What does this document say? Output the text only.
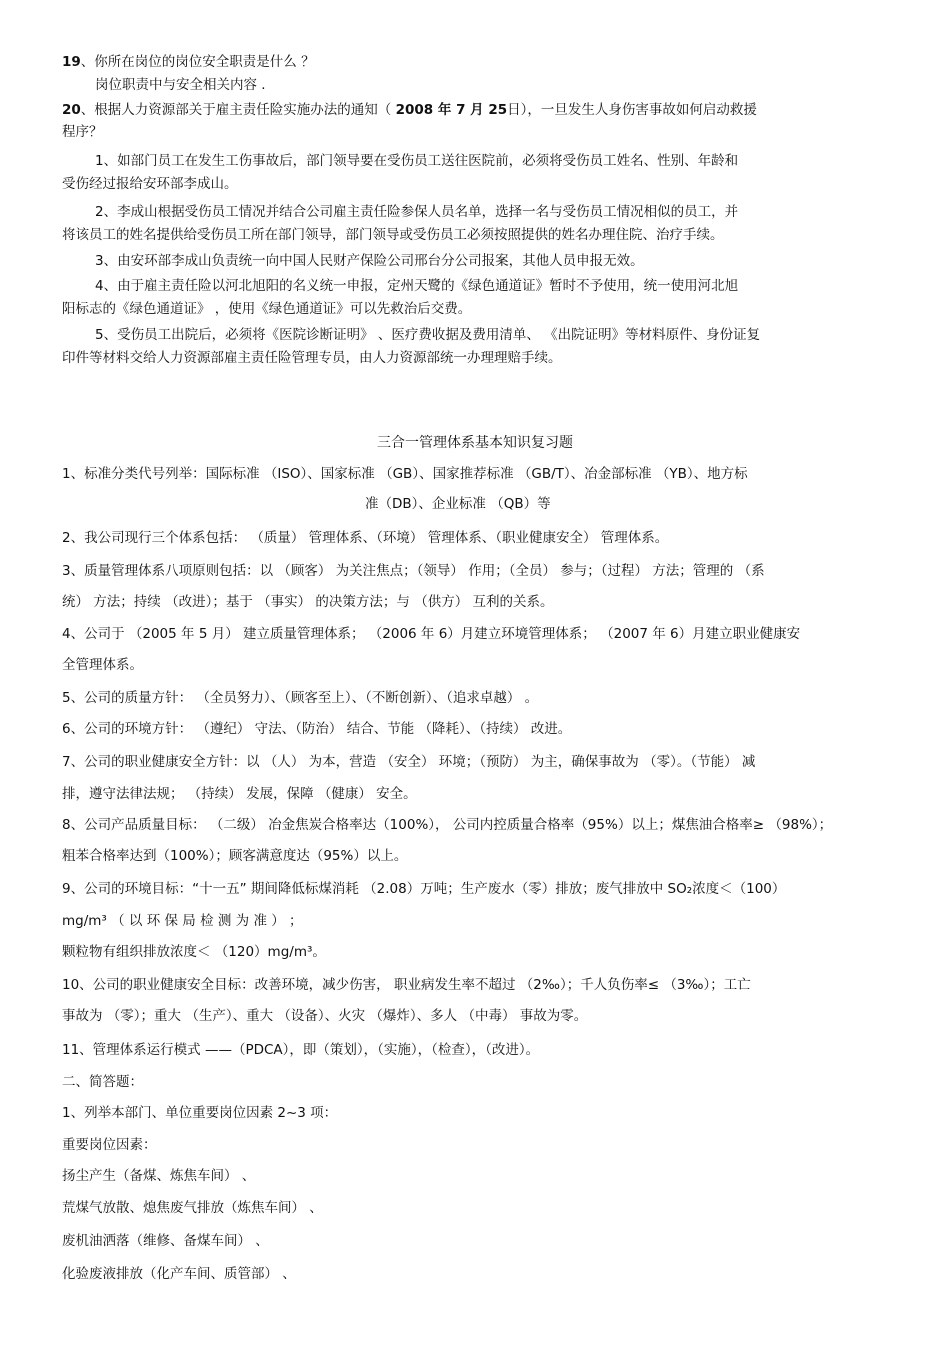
19、你所在岗位的岗位安全职责是什么 ？
岗位职责中与安全相关内容 .
20、根据人力资源部关于雇主责任险实施办法的通知（ 2008 年 7 月 25日），一旦发生人身伤害事故如何启动救援
程序？
1、如部门员工在发生工伤事故后，部门领导要在受伤员工送往医院前，必须将受伤员工姓名、性别、年龄和
受伤经过报给安环部李成山。
2、李成山根据受伤员工情况并结合公司雇主责任险参保人员名单，选择一名与受伤员工情况相似的员工，并
将该员工的姓名提供给受伤员工所在部门领导，部门领导或受伤员工必须按照提供的姓名办理住院、治疗手续。
3、由安环部李成山负责统一向中国人民财产保险公司邢台分公司报案，其他人员申报无效。
4、由于雇主责任险以河北旭阳的名义统一申报，定州天鹭的《绿色通道证》暂时不予使用，统一使用河北旭
阳标志的《绿色通道证》 ，使用《绿色通道证》可以先救治后交费。
5、受伤员工出院后，必须将《医院诊断证明》 、医疗费收据及费用清单、 《出院证明》等材料原件、身份证复
印件等材料交给人力资源部雇主责任险管理专员，由人力资源部统一办理理赔手续。
三合一管理体系基本知识复习题
1、标准分类代号列举：国际标准 （ISO）、国家标准 （GB）、国家推荐标准 （GB/T）、冶金部标准 （YB）、地方标
准（DB）、企业标准 （QB）等
2、我公司现行三个体系包括： （质量） 管理体系、（环境） 管理体系、（职业健康安全） 管理体系。
3、质量管理体系八项原则包括：以 （顾客） 为关注焦点；（领导） 作用；（全员） 参与；（过程） 方法；管理的 （系
统） 方法；持续 （改进）；基于 （事实） 的决策方法；与 （供方） 互利的关系。
4、公司于 （2005 年 5 月） 建立质量管理体系； （2006 年 6）月建立环境管理体系； （2007 年 6）月建立职业健康安
全管理体系。
5、公司的质量方针： （全员努力）、（顾客至上）、（不断创新）、（追求卓越） 。
6、公司的环境方针： （遵纪） 守法、（防治） 结合、节能 （降耗）、（持续） 改进。
7、公司的职业健康安全方针：以 （人） 为本，营造 （安全） 环境；（预防） 为主，确保事故为 （零）。（节能） 减
排，遵守法律法规； （持续） 发展，保障 （健康） 安全。
8、公司产品质量目标： （二级） 冶金焦炭合格率达（100%）， 公司内控质量合格率（95%）以上；煤焦油合格率≥ （98%）；
粗苯合格率达到（100%）；顾客满意度达（95%）以上。
9、公司的环境目标：“十一五” 期间降低标煤消耗 （2.08）万吨；生产废水（零）排放；废气排放中 SO₂浓度＜（100）
mg/m³ （ 以 环 保 局 检 测 为 准 ） ；
颗粒物有组织排放浓度＜ （120）mg/m³。
10、公司的职业健康安全目标：改善环境，减少伤害， 职业病发生率不超过 （2‰）；千人负伤率≤ （3‰）；工亡
事故为 （零）；重大 （生产）、重大 （设备）、火灾 （爆炸）、多人 （中毒） 事故为零。
11、管理体系运行模式 ——（PDCA），即（策划），（实施），（检查），（改进）。
二、简答题：
1、列举本部门、单位重要岗位因素 2~3 项：
重要岗位因素：
扬尘产生（备煤、炼焦车间） 、
荒煤气放散、熄焦废气排放（炼焦车间） 、
废机油洒落（维修、备煤车间） 、
化验废液排放（化产车间、质管部） 、
